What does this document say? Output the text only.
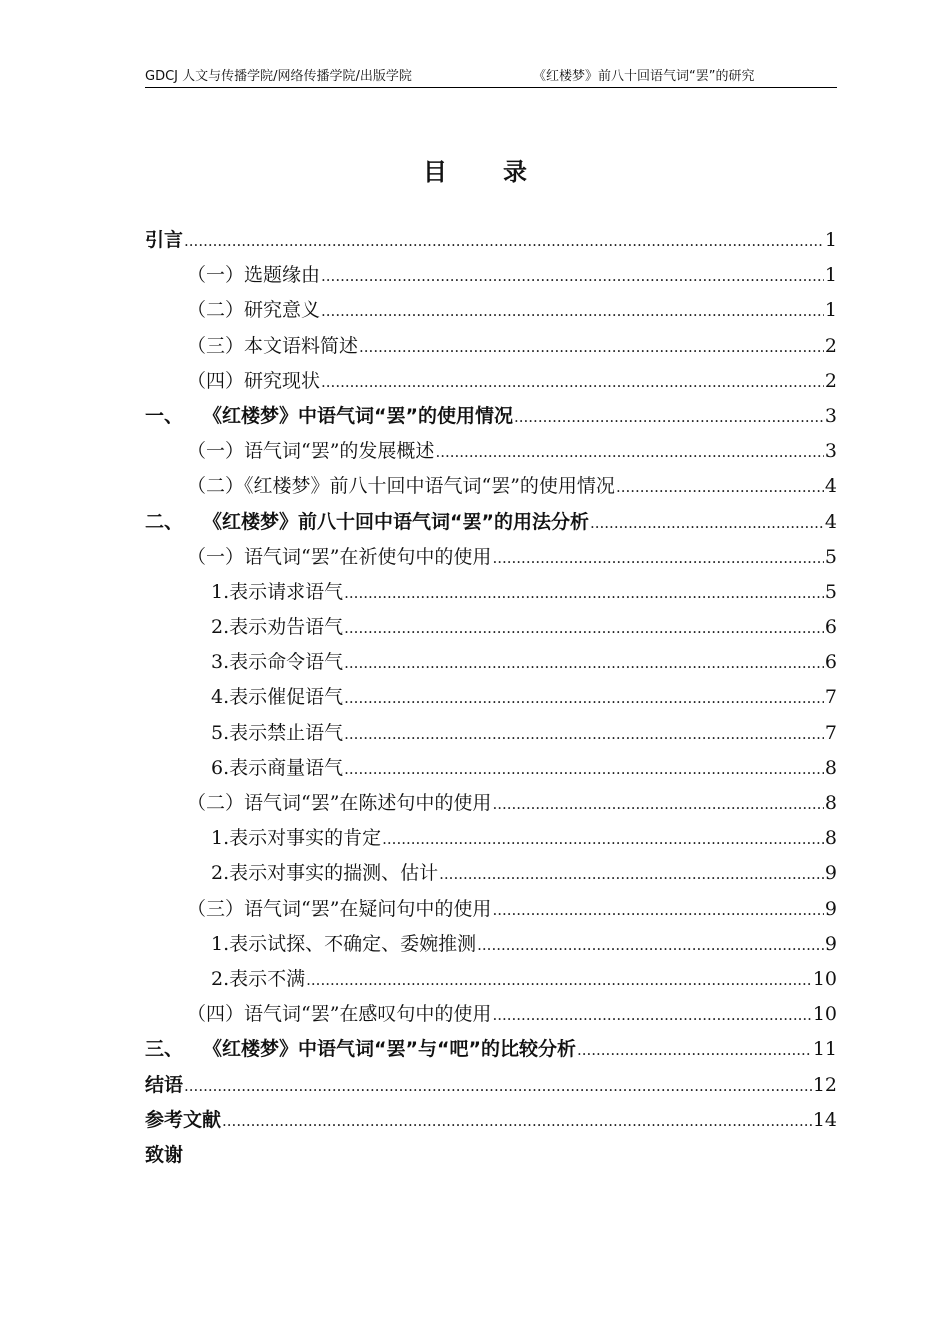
GDCJ 人文与传播学院/网络传播学院/出版学院	《红楼梦》前八十回语气词“罢”的研究
目 录
引言 .....	1
（一）选题缘由 .....	1
（二）研究意义 .....	1
（三）本文语料简述 .....	2
（四）研究现状 .....	2
一、	《红楼梦》中语气词“罢”的使用情况 .....	3
（一）语气词“罢”的发展概述 .....	3
（二）《红楼梦》前八十回中语气词“罢”的使用情况 .....	4
二、	《红楼梦》前八十回中语气词“罢”的用法分析 .....	4
（一）语气词“罢”在祈使句中的使用 .....	5
1.表示请求语气 .....	5
2.表示劝告语气 .....	6
3.表示命令语气 .....	6
4.表示催促语气 .....	7
5.表示禁止语气 .....	7
6.表示商量语气 .....	8
（二）语气词“罢”在陈述句中的使用 .....	8
1.表示对事实的肯定 .....	8
2.表示对事实的揣测、估计 .....	9
（三）语气词“罢”在疑问句中的使用 .....	9
1.表示试探、不确定、委婉推测 .....	9
2.表示不满 .....	10
（四）语气词“罢”在感叹句中的使用 .....	10
三、	《红楼梦》中语气词“罢”与“吧”的比较分析 .....	11
结语 .....	12
参考文献 .....	14
致谢
